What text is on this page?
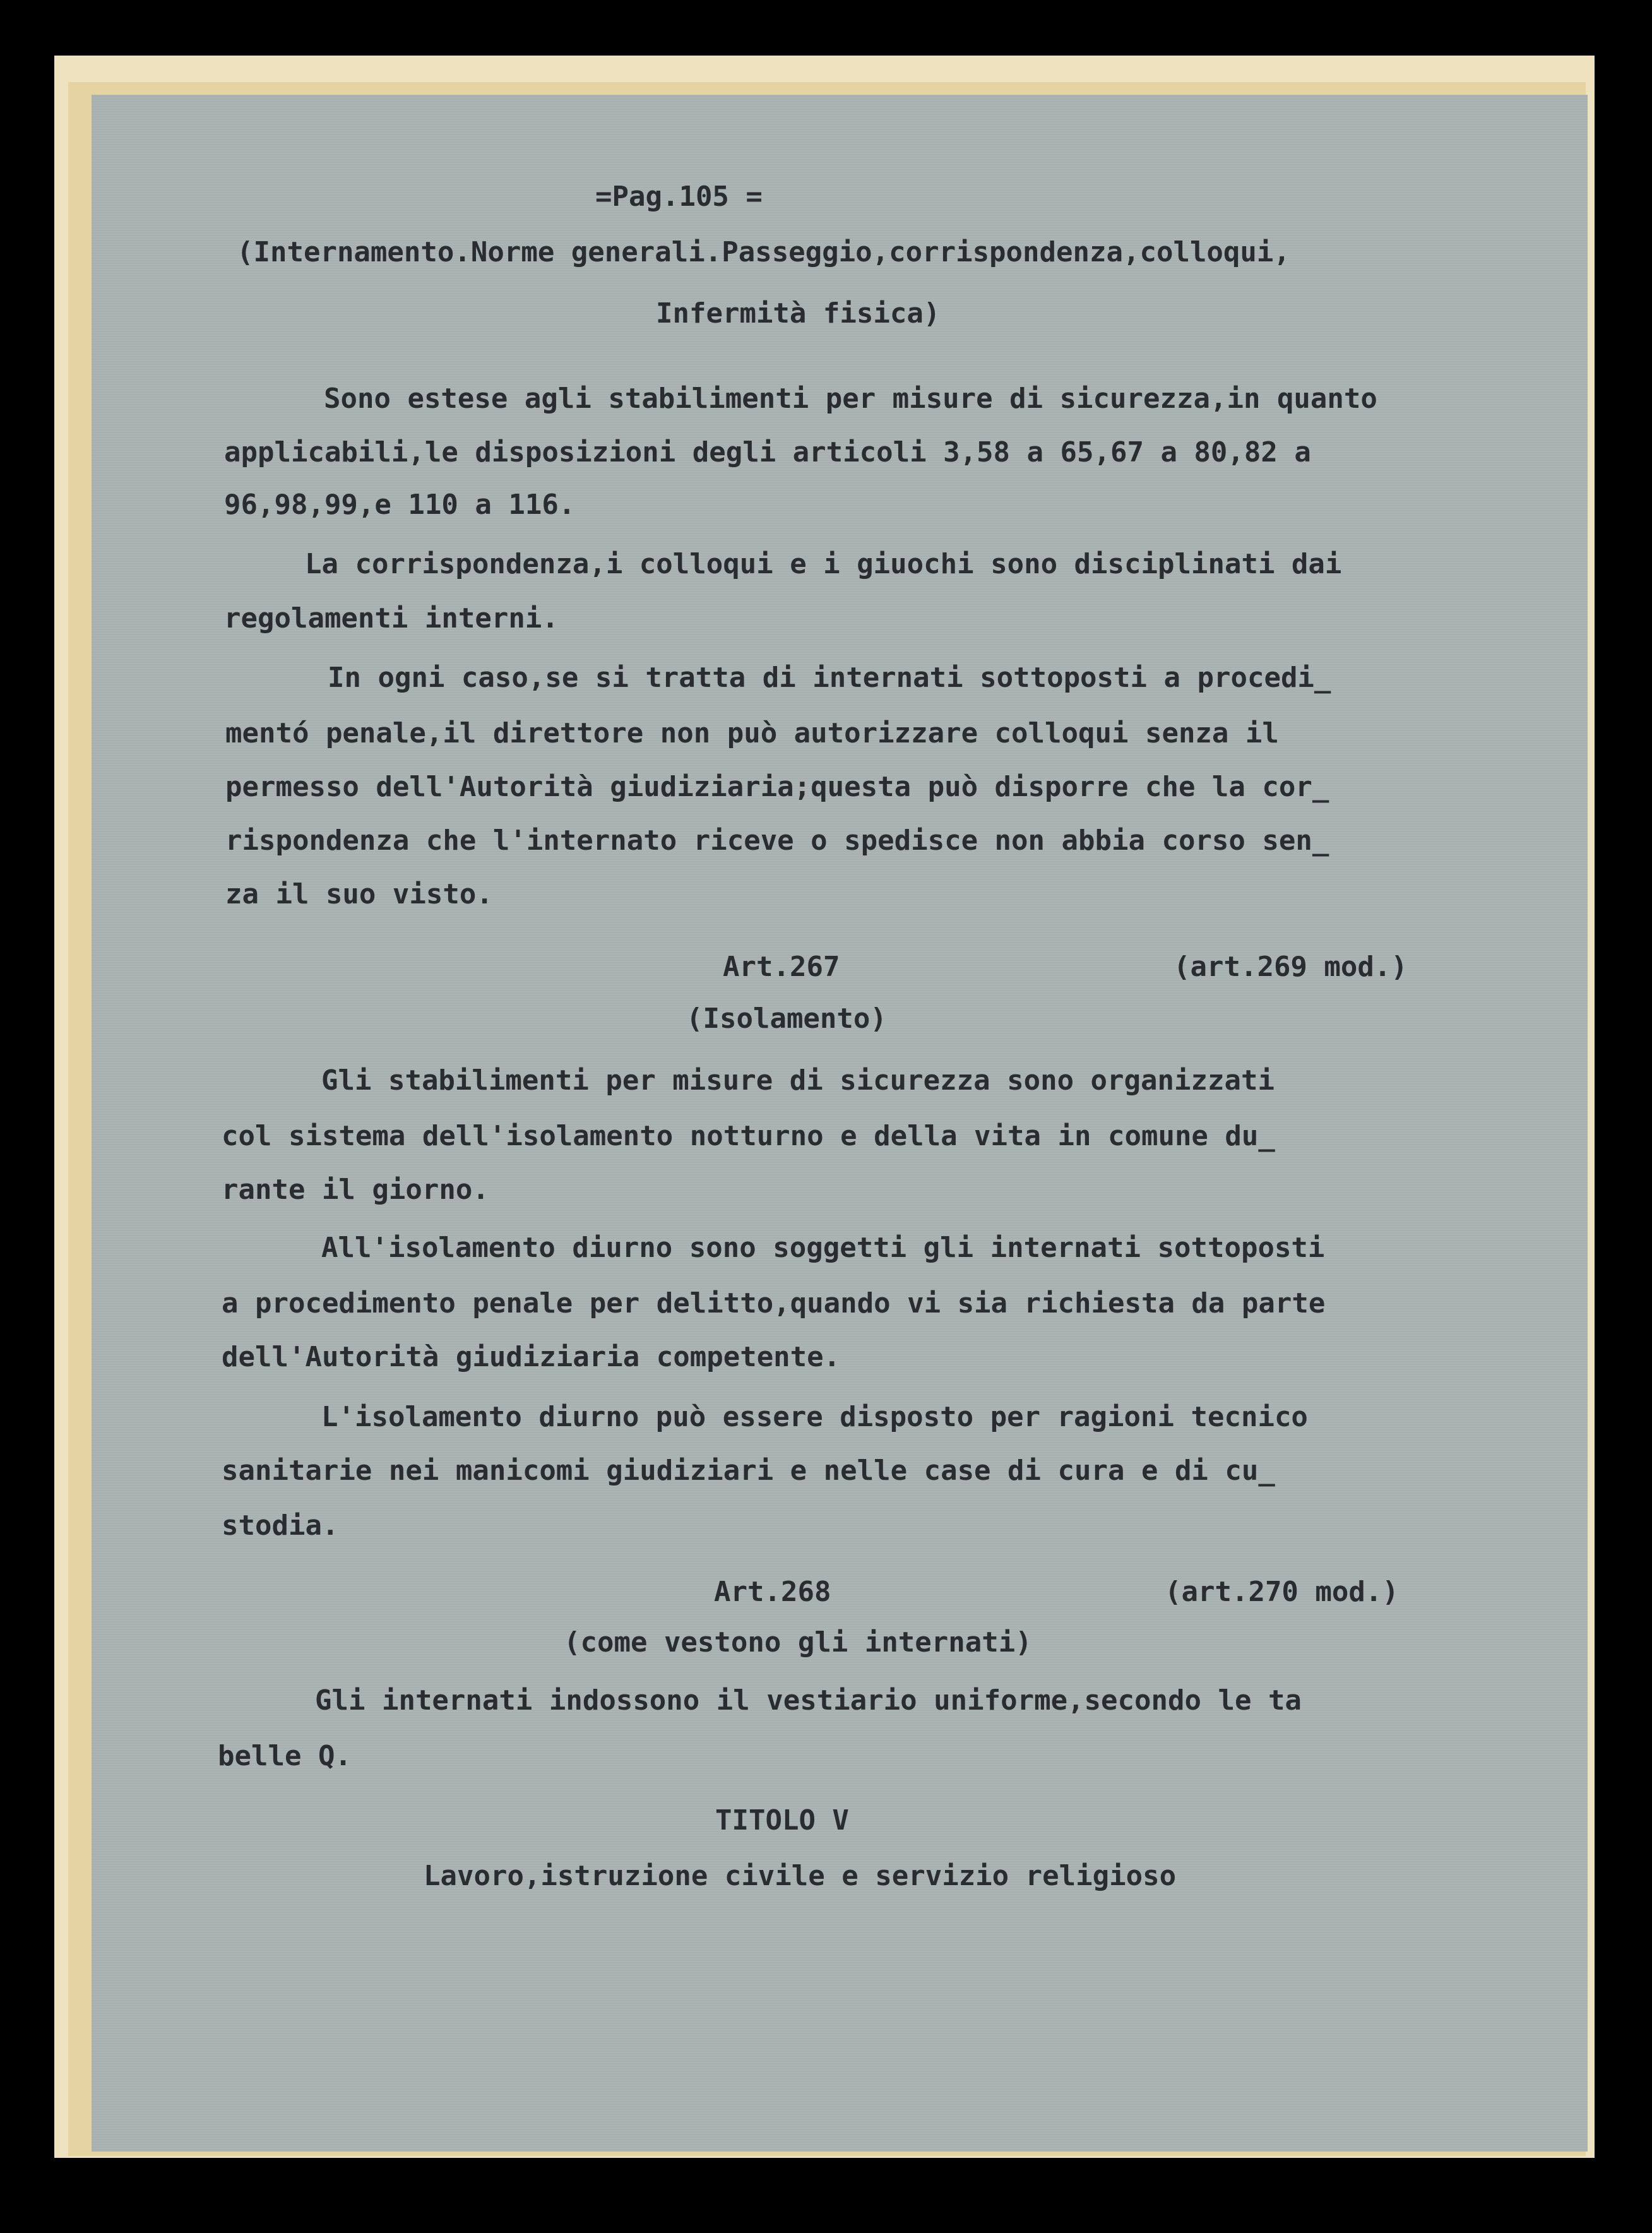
=Pag.105 =

(Internamento.Norme generali.Passeggio,corrispondenza,colloqui,

Infermità fisica)

Sono estese agli stabilimenti per misure di sicurezza,in quanto

applicabili,le disposizioni degli articoli 3,58 a 65,67 a 80,82 a

96,98,99,e 110 a 116.

La corrispondenza,i colloqui e i giuochi sono disciplinati dai

regolamenti interni.

In ogni caso,se si tratta di internati sottoposti a procedi_

mentó penale,il direttore non può autorizzare colloqui senza il

permesso dell'Autorità giudiziaria;questa può disporre che la cor_

rispondenza che l'internato riceve o spedisce non abbia corso sen_

za il suo visto.

Art.267

	(art.269 mod.)

(Isolamento)

Gli stabilimenti per misure di sicurezza sono organizzati

col sistema dell'isolamento notturno e della vita in comune du_

rante il giorno.

All'isolamento diurno sono soggetti gli internati sottoposti

a procedimento penale per delitto,quando vi sia richiesta da parte

dell'Autorità giudiziaria competente.

L'isolamento diurno può essere disposto per ragioni tecnico

sanitarie nei manicomi giudiziari e nelle case di cura e di cu_

stodia.

Art.268

	(art.270 mod.)

(come vestono gli internati)

Gli internati indossono il vestiario uniforme,secondo le ta

belle Q.

TITOLO V

Lavoro,istruzione civile e servizio religioso
